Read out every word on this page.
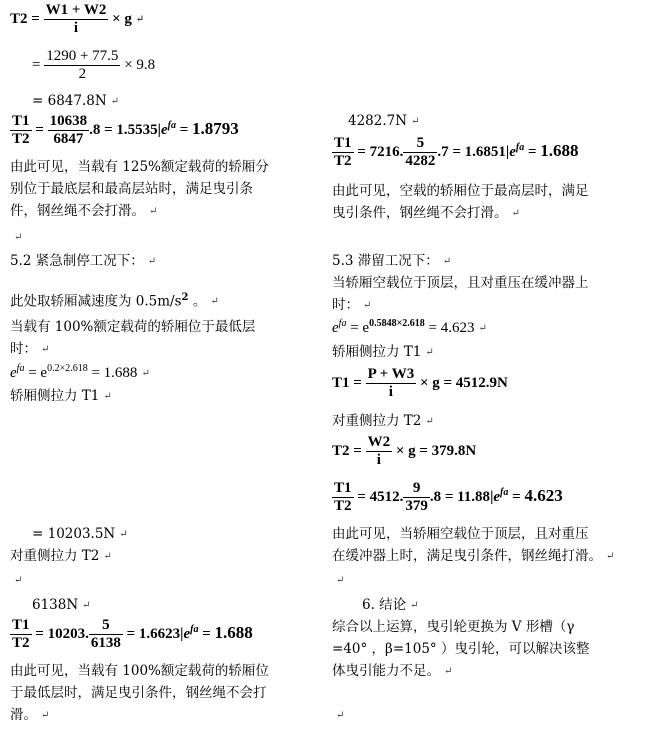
$T2 = \frac{W1 + W2}{i} \times g$ ↵
= $\frac{1290 + 77.5}{2} \times 9.8$
= 6847.8N ↵
$\frac{T1}{T2} = \frac{10638}{6847} .8 = 1.5535|e^{fa} = 1.8793$
由此可见，当载有 125%额定载荷的轿厢分
别位于最底层和最高层站时，满足曳引条
件，钢丝绳不会打滑。 ↵
↵
5.2 紧急制停工况下： ↵
此处取轿厢减速度为 $0.5m/s^2$ 。 ↵
当载有 100%额定载荷的轿厢位于最低层
时： ↵
$e^{fa} = e^{0.2\times 2.618} = 1.688$ ↵
轿厢侧拉力 T1 ↵
= 10203.5N ↵
对重侧拉力 T2 ↵
↵
6138N ↵
$\frac{T1}{T2} = 10203$. $\frac{5}{6138} = 1.6623|e^{fa} = 1.688$
由此可见，当载有 100%额定载荷的轿厢位
于最低层时，满足曳引条件，钢丝绳不会打
滑。 ↵
4282.7N ↵
$\frac{T1}{T2} = 7216$. $\frac{5}{4282} .7 = 1.6851|e^{fa} = 1.688$
由此可见，空载的轿厢位于最高层时，满足
曳引条件，钢丝绳不会打滑。 ↵
5.3 滞留工况下： ↵
当轿厢空载位于顶层，且对重压在缓冲器上
时： ↵
$e^{fa} = e^{0.5848\times 2.618} = 4.623$ ↵
轿厢侧拉力 T1 ↵
$T1 = \frac{P + W3}{i} \times g = 4512.9N$
对重侧拉力 T2 ↵
$T2 = \frac{W2}{i} \times g = 379.8N$
$\frac{T1}{T2} = 4512$. $\frac{9}{379} .8 = 11.88|e^{fa} = 4.623$
由此可见，当轿厢空载位于顶层，且对重压
在缓冲器上时，满足曳引条件，钢丝绳打滑。 ↵
↵
6. 结论 ↵
综合以上运算，曳引轮更换为 V 形槽（γ
=40° ，β=105° ）曳引轮，可以解决该整
体曳引能力不足。 ↵
↵
